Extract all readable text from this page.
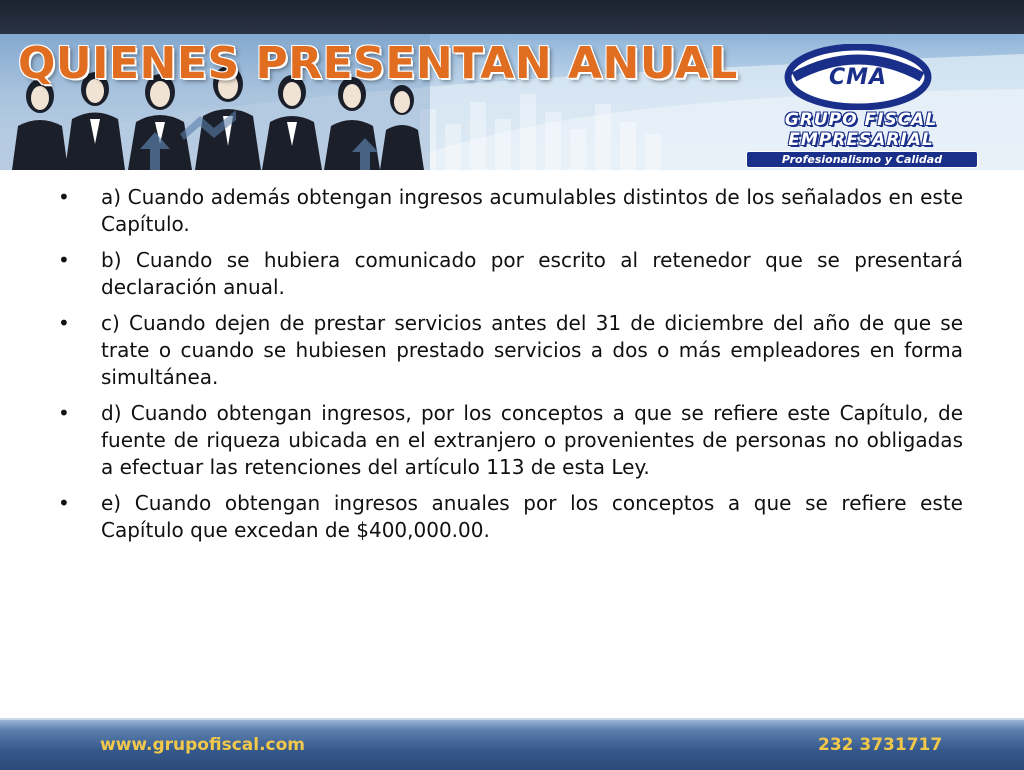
QUIENES PRESENTAN ANUAL	CMA
GRUPO FISCAL
EMPRESARIAL
Profesionalismo y Calidad
•	a) Cuando además obtengan ingresos acumulables distintos de los señalados en este Capítulo.
•	b) Cuando se hubiera comunicado por escrito al retenedor que se presentará declaración anual.
•	c) Cuando dejen de prestar servicios antes del 31 de diciembre del año de que se trate o cuando se hubiesen prestado servicios a dos o más empleadores en forma simultánea.
•	d) Cuando obtengan ingresos, por los conceptos a que se refiere este Capítulo, de fuente de riqueza ubicada en el extranjero o provenientes de personas no obligadas a efectuar las retenciones del artículo 113 de esta Ley.
•	e) Cuando obtengan ingresos anuales por los conceptos a que se refiere este Capítulo que excedan de $400,000.00.
www.grupofiscal.com	232 3731717
